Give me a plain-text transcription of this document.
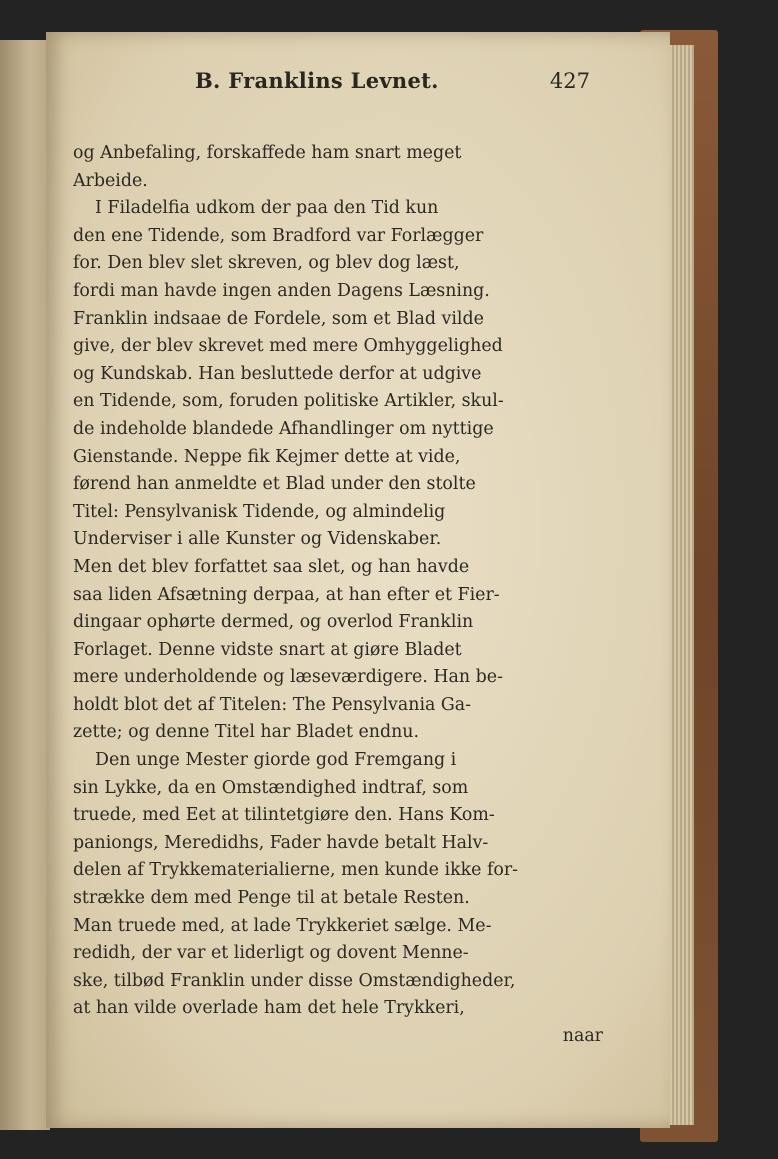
B. Franklins Levnet.	427
og Anbefaling, forskaffede ham snart meget
Arbeide.
I Filadelfia udkom der paa den Tid kun
den ene Tidende, som Bradford var Forlægger
for. Den blev slet skreven, og blev dog læst,
fordi man havde ingen anden Dagens Læsning.
Franklin indsaae de Fordele, som et Blad vilde
give, der blev skrevet med mere Omhyggelighed
og Kundskab. Han besluttede derfor at udgive
en Tidende, som, foruden politiske Artikler, skul-
de indeholde blandede Afhandlinger om nyttige
Gienstande. Neppe fik Kejmer dette at vide,
førend han anmeldte et Blad under den stolte
Titel: Pensylvanisk Tidende, og almindelig
Underviser i alle Kunster og Videnskaber.
Men det blev forfattet saa slet, og han havde
saa liden Afsætning derpaa, at han efter et Fier-
dingaar ophørte dermed, og overlod Franklin
Forlaget. Denne vidste snart at giøre Bladet
mere underholdende og læseværdigere. Han be-
holdt blot det af Titelen: The Pensylvania Ga-
zette; og denne Titel har Bladet endnu.
Den unge Mester giorde god Fremgang i
sin Lykke, da en Omstændighed indtraf, som
truede, med Eet at tilintetgiøre den. Hans Kom-
paniongs, Meredidhs, Fader havde betalt Halv-
delen af Trykkematerialierne, men kunde ikke for-
strække dem med Penge til at betale Resten.
Man truede med, at lade Trykkeriet sælge. Me-
redidh, der var et liderligt og dovent Menne-
ske, tilbød Franklin under disse Omstændigheder,
at han vilde overlade ham det hele Trykkeri,
naar
